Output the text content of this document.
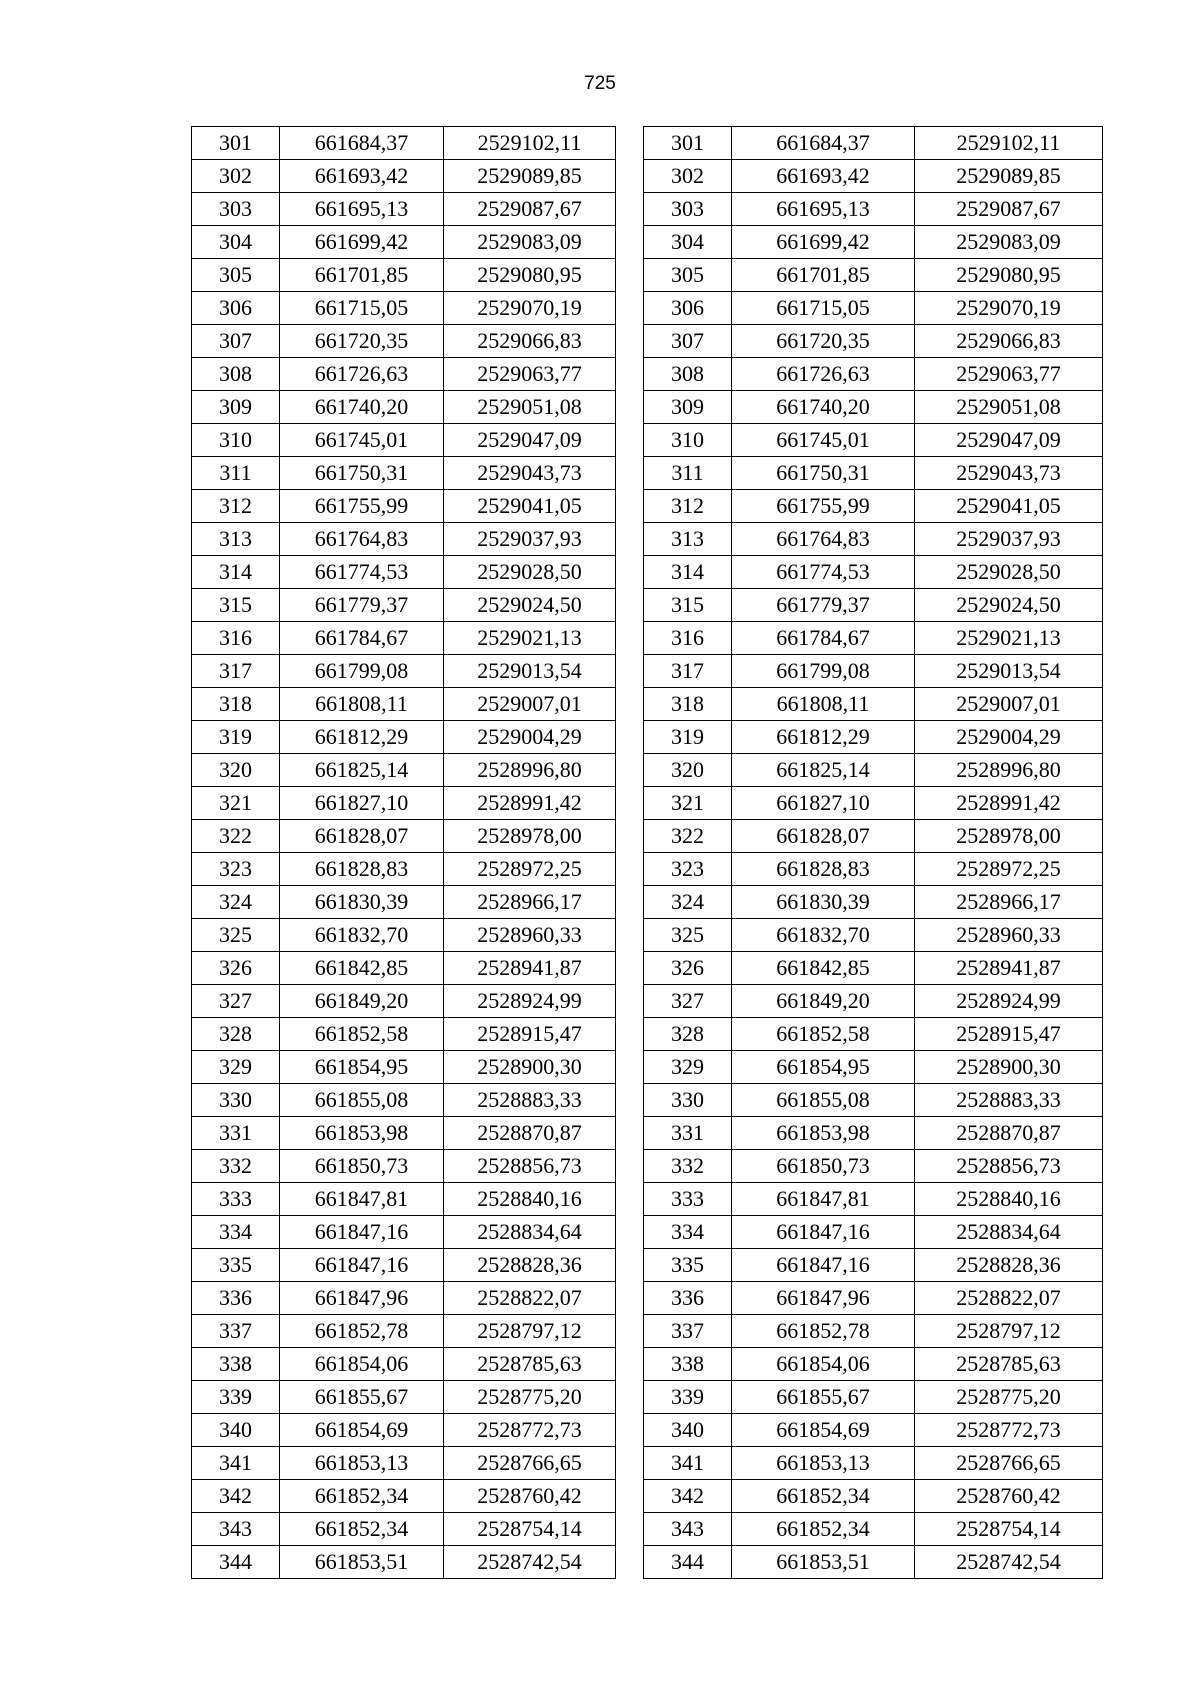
725
301	661684,37	2529102,11		301	661684,37	2529102,11
302	661693,42	2529089,85		302	661693,42	2529089,85
303	661695,13	2529087,67		303	661695,13	2529087,67
304	661699,42	2529083,09		304	661699,42	2529083,09
305	661701,85	2529080,95		305	661701,85	2529080,95
306	661715,05	2529070,19		306	661715,05	2529070,19
307	661720,35	2529066,83		307	661720,35	2529066,83
308	661726,63	2529063,77		308	661726,63	2529063,77
309	661740,20	2529051,08		309	661740,20	2529051,08
310	661745,01	2529047,09		310	661745,01	2529047,09
311	661750,31	2529043,73		311	661750,31	2529043,73
312	661755,99	2529041,05		312	661755,99	2529041,05
313	661764,83	2529037,93		313	661764,83	2529037,93
314	661774,53	2529028,50		314	661774,53	2529028,50
315	661779,37	2529024,50		315	661779,37	2529024,50
316	661784,67	2529021,13		316	661784,67	2529021,13
317	661799,08	2529013,54		317	661799,08	2529013,54
318	661808,11	2529007,01		318	661808,11	2529007,01
319	661812,29	2529004,29		319	661812,29	2529004,29
320	661825,14	2528996,80		320	661825,14	2528996,80
321	661827,10	2528991,42		321	661827,10	2528991,42
322	661828,07	2528978,00		322	661828,07	2528978,00
323	661828,83	2528972,25		323	661828,83	2528972,25
324	661830,39	2528966,17		324	661830,39	2528966,17
325	661832,70	2528960,33		325	661832,70	2528960,33
326	661842,85	2528941,87		326	661842,85	2528941,87
327	661849,20	2528924,99		327	661849,20	2528924,99
328	661852,58	2528915,47		328	661852,58	2528915,47
329	661854,95	2528900,30		329	661854,95	2528900,30
330	661855,08	2528883,33		330	661855,08	2528883,33
331	661853,98	2528870,87		331	661853,98	2528870,87
332	661850,73	2528856,73		332	661850,73	2528856,73
333	661847,81	2528840,16		333	661847,81	2528840,16
334	661847,16	2528834,64		334	661847,16	2528834,64
335	661847,16	2528828,36		335	661847,16	2528828,36
336	661847,96	2528822,07		336	661847,96	2528822,07
337	661852,78	2528797,12		337	661852,78	2528797,12
338	661854,06	2528785,63		338	661854,06	2528785,63
339	661855,67	2528775,20		339	661855,67	2528775,20
340	661854,69	2528772,73		340	661854,69	2528772,73
341	661853,13	2528766,65		341	661853,13	2528766,65
342	661852,34	2528760,42		342	661852,34	2528760,42
343	661852,34	2528754,14		343	661852,34	2528754,14
344	661853,51	2528742,54		344	661853,51	2528742,54
